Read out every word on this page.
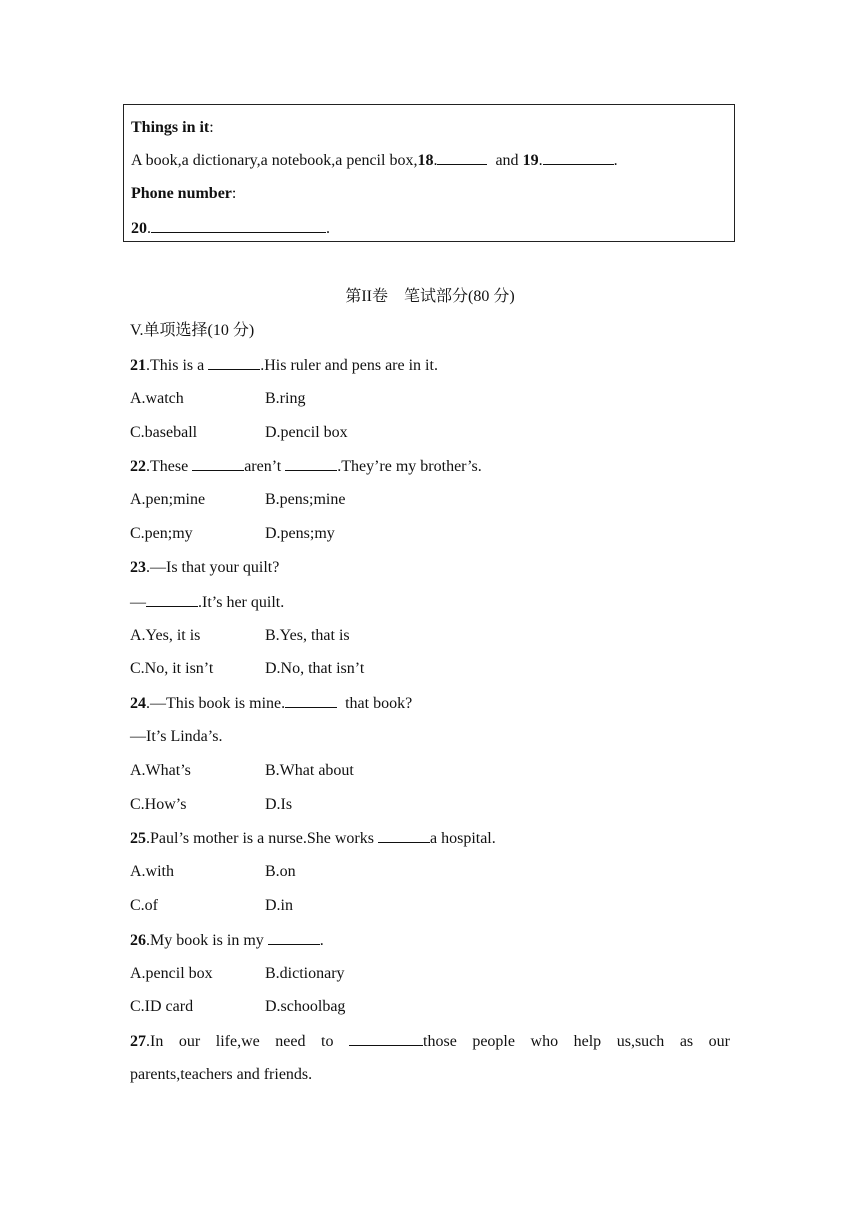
Things in it:
A book,a dictionary,a notebook,a pencil box,18.	and 19.	.
Phone number:
20.	.
第II卷　笔试部分(80 分)
V.单项选择(10 分)
21.This is a	.His ruler and pens are in it.
A.watch	B.ring
C.baseball	D.pencil box
22.These	aren’t	.They’re my brother’s.
A.pen;mine	B.pens;mine
C.pen;my	D.pens;my
23.—Is that your quilt?
—	.It’s her quilt.
A.Yes, it is	B.Yes, that is
C.No, it isn’t	D.No, that isn’t
24.—This book is mine.	that book?
—It’s Linda’s.
A.What’s	B.What about
C.How’s	D.Is
25.Paul’s mother is a nurse.She works	a hospital.
A.with	B.on
C.of	D.in
26.My book is in my	.
A.pencil box	B.dictionary
C.ID card	D.schoolbag
27.In our life,we need to	those people who help us,such as our
parents,teachers and friends.
